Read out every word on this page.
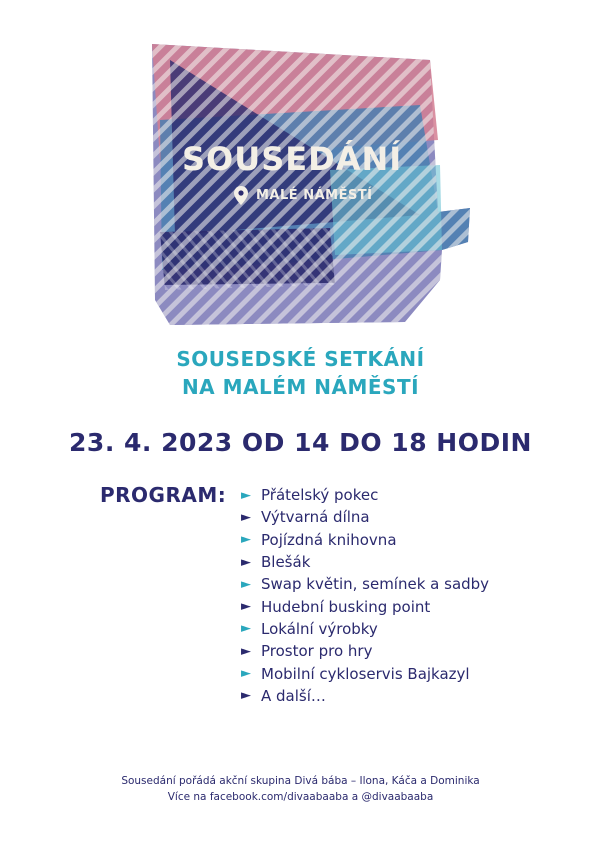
SOUSEDÁNÍ
MALÉ NÁMĚSTÍ
SOUSEDSKÉ SETKÁNÍ
NA MALÉM NÁMĚSTÍ
23. 4. 2023 OD 14 DO 18 HODIN
PROGRAM: ► Přátelský pokec
► Výtvarná dílna
► Pojízdná knihovna
► Blešák
► Swap květin, semínek a sadby
► Hudební busking point
► Lokální výrobky
► Prostor pro hry
► Mobilní cykloservis Bajkazyl
► A další…
Sousedání pořádá akční skupina Divá bába – Ilona, Káča a Dominika
Více na facebook.com/divaabaaba a @divaabaaba
